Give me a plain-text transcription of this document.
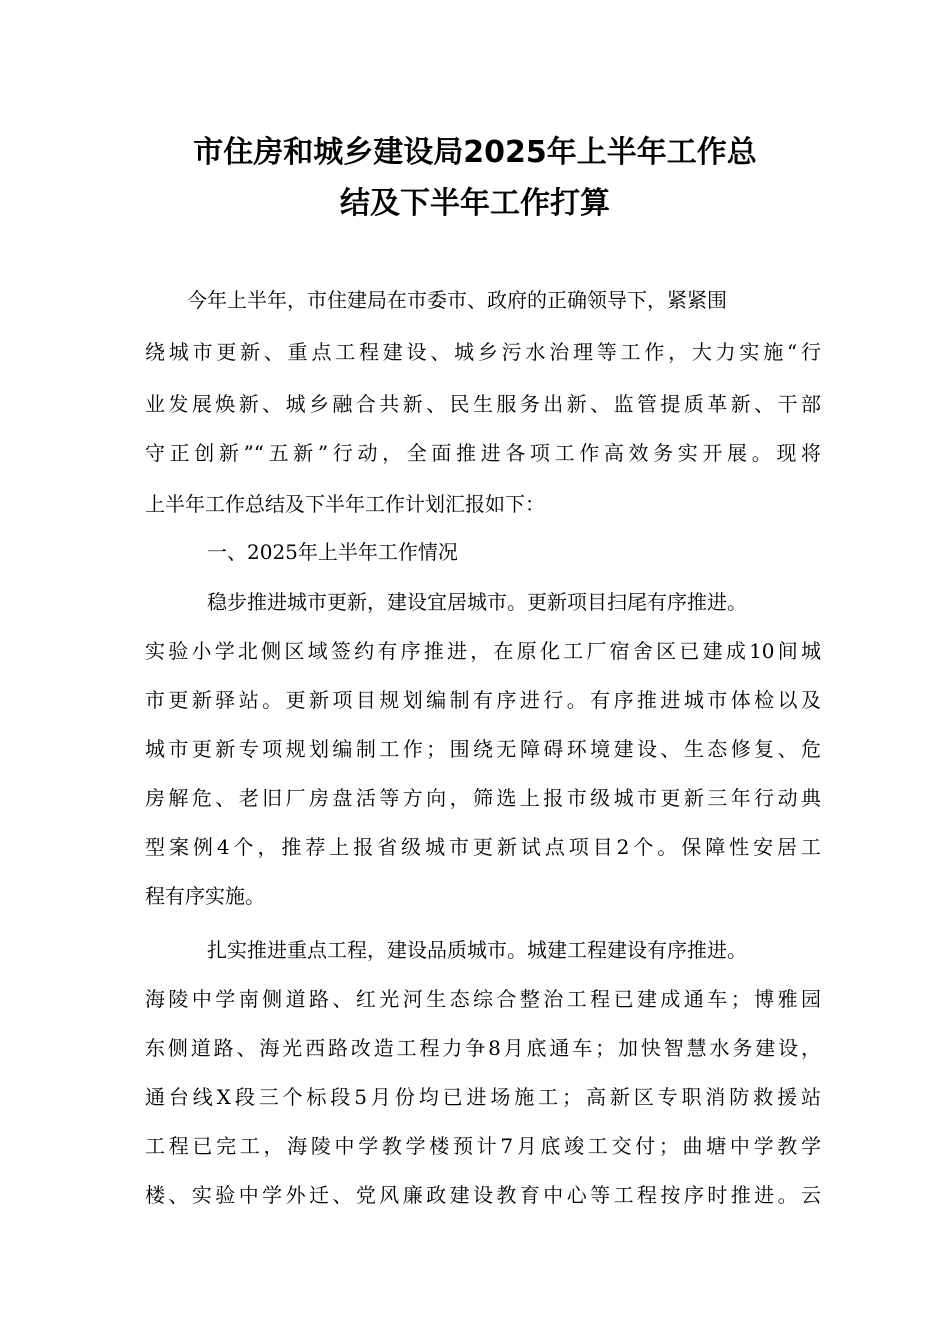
市住房和城乡建设局2025年上半年工作总
结及下半年工作打算
今年上半年，市住建局在市委市、政府的正确领导下，紧紧围
绕城市更新、重点工程建设、城乡污水治理等工作，大力实施“行
业发展焕新、城乡融合共新、民生服务出新、监管提质革新、干部
守正创新”“五新”行动，全面推进各项工作高效务实开展。现将
上半年工作总结及下半年工作计划汇报如下：
一、2025年上半年工作情况
稳步推进城市更新，建设宜居城市。更新项目扫尾有序推进。
实验小学北侧区域签约有序推进，在原化工厂宿舍区已建成10间城
市更新驿站。更新项目规划编制有序进行。有序推进城市体检以及
城市更新专项规划编制工作；围绕无障碍环境建设、生态修复、危
房解危、老旧厂房盘活等方向，筛选上报市级城市更新三年行动典
型案例4个，推荐上报省级城市更新试点项目2个。保障性安居工
程有序实施。
扎实推进重点工程，建设品质城市。城建工程建设有序推进。
海陵中学南侧道路、红光河生态综合整治工程已建成通车；博雅园
东侧道路、海光西路改造工程力争8月底通车；加快智慧水务建设，
通台线X段三个标段5月份均已进场施工；高新区专职消防救援站
工程已完工，海陵中学教学楼预计7月底竣工交付；曲塘中学教学
楼、实验中学外迁、党风廉政建设教育中心等工程按序时推进。云
